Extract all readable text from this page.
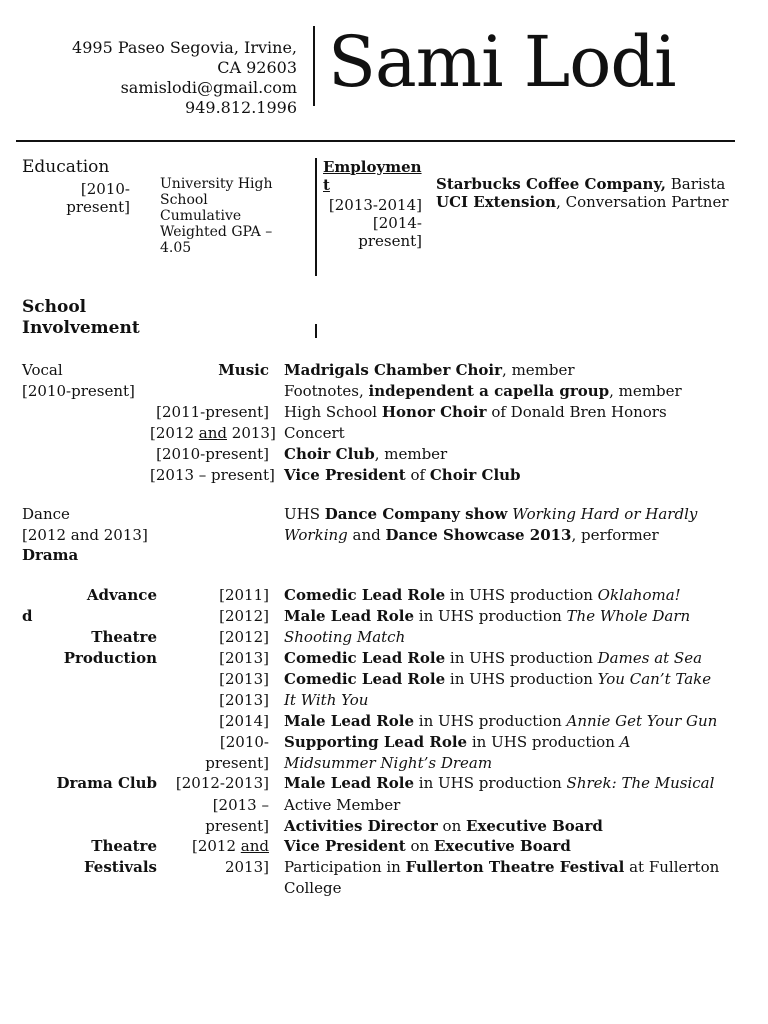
4995 Paseo Segovia, Irvine,
CA 92603
samislodi@gmail.com
949.812.1996
Sami Lodi
Education
[2010-present]
University High School
Cumulative Weighted GPA – 4.05
Employment
[2013-2014]
[2014-present]
Starbucks Coffee Company, Barista
UCI Extension, Conversation Partner
School Involvement
Vocal	Music
[2010-present]
[2011-present]
[2012 and 2013]
[2010-present]
[2013 – present]
Madrigals Chamber Choir, member
Footnotes, independent a capella group, member
High School Honor Choir of Donald Bren Honors
Concert
Choir Club, member
Vice President of Choir Club
Dance
[2012 and 2013]
UHS Dance Company show Working Hard or Hardly
Working and Dance Showcase 2013, performer
Drama
Advance
d
Theatre
Production
Drama Club
Theatre
Festivals
[2011]
[2012]
[2012]
[2013]
[2013]
[2013]
[2014]
[2010-
present]
[2012-2013]
[2013 –
present]
[2012 and
2013]
Comedic Lead Role in UHS production Oklahoma!
Male Lead Role in UHS production The Whole Darn
Shooting Match
Comedic Lead Role in UHS production Dames at Sea
Comedic Lead Role in UHS production You Can’t Take
It With You
Male Lead Role in UHS production Annie Get Your Gun
Supporting Lead Role in UHS production A
Midsummer Night’s Dream
Male Lead Role in UHS production Shrek: The Musical
Active Member
Activities Director on Executive Board
Vice President on Executive Board
Participation in Fullerton Theatre Festival at Fullerton
College
